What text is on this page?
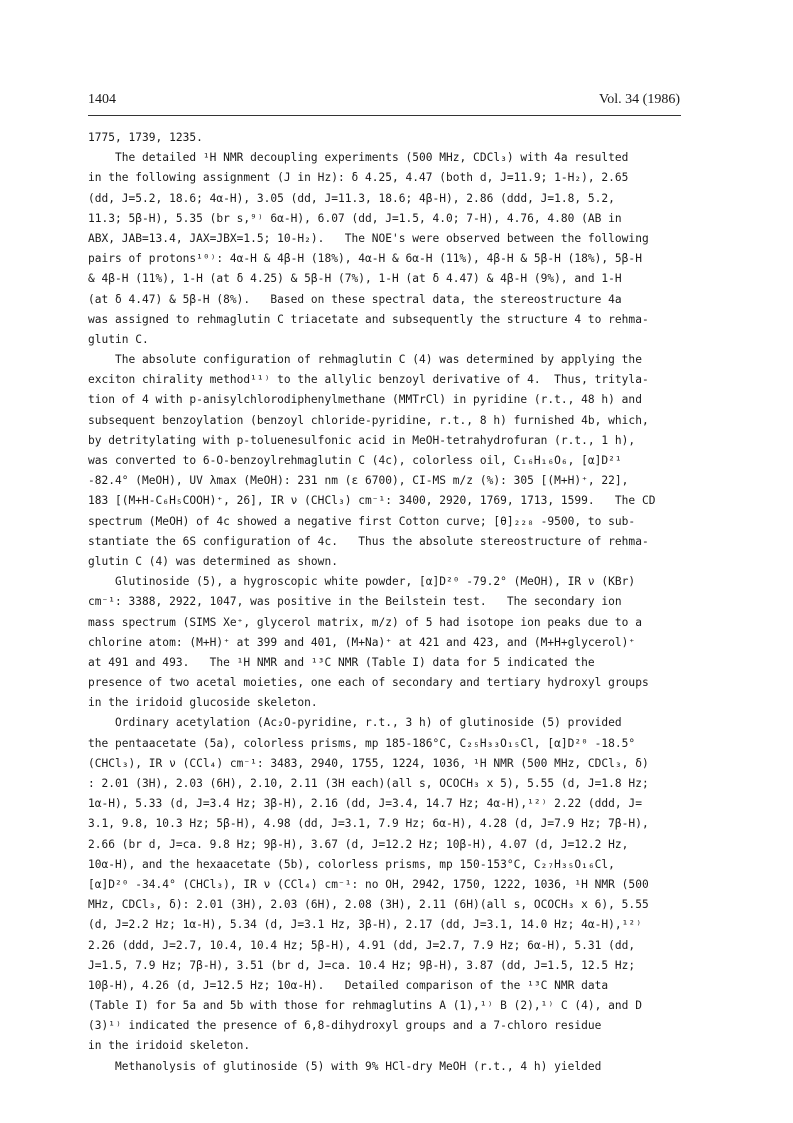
1404	Vol. 34 (1986)
1775, 1739, 1235.
The detailed ¹H NMR decoupling experiments (500 MHz, CDCl₃) with 4a resulted
in the following assignment (J in Hz): δ 4.25, 4.47 (both d, J=11.9; 1-H₂), 2.65
(dd, J=5.2, 18.6; 4α-H), 3.05 (dd, J=11.3, 18.6; 4β-H), 2.86 (ddd, J=1.8, 5.2,
11.3; 5β-H), 5.35 (br s,⁹⁾ 6α-H), 6.07 (dd, J=1.5, 4.0; 7-H), 4.76, 4.80 (AB in
ABX, JAB=13.4, JAX=JBX=1.5; 10-H₂).   The NOE's were observed between the following
pairs of protons¹⁰⁾: 4α-H & 4β-H (18%), 4α-H & 6α-H (11%), 4β-H & 5β-H (18%), 5β-H
& 4β-H (11%), 1-H (at δ 4.25) & 5β-H (7%), 1-H (at δ 4.47) & 4β-H (9%), and 1-H
(at δ 4.47) & 5β-H (8%).   Based on these spectral data, the stereostructure 4a
was assigned to rehmaglutin C triacetate and subsequently the structure 4 to rehma-
glutin C.
The absolute configuration of rehmaglutin C (4) was determined by applying the
exciton chirality method¹¹⁾ to the allylic benzoyl derivative of 4.  Thus, trityla-
tion of 4 with p-anisylchlorodiphenylmethane (MMTrCl) in pyridine (r.t., 48 h) and
subsequent benzoylation (benzoyl chloride-pyridine, r.t., 8 h) furnished 4b, which,
by detritylating with p-toluenesulfonic acid in MeOH-tetrahydrofuran (r.t., 1 h),
was converted to 6-O-benzoylrehmaglutin C (4c), colorless oil, C₁₆H₁₆O₆, [α]D²¹
-82.4° (MeOH), UV λmax (MeOH): 231 nm (ε 6700), CI-MS m/z (%): 305 [(M+H)⁺, 22],
183 [(M+H-C₆H₅COOH)⁺, 26], IR ν (CHCl₃) cm⁻¹: 3400, 2920, 1769, 1713, 1599.   The CD
spectrum (MeOH) of 4c showed a negative first Cotton curve; [θ]₂₂₈ -9500, to sub-
stantiate the 6S configuration of 4c.   Thus the absolute stereostructure of rehma-
glutin C (4) was determined as shown.
Glutinoside (5), a hygroscopic white powder, [α]D²⁰ -79.2° (MeOH), IR ν (KBr)
cm⁻¹: 3388, 2922, 1047, was positive in the Beilstein test.   The secondary ion
mass spectrum (SIMS Xe⁺, glycerol matrix, m/z) of 5 had isotope ion peaks due to a
chlorine atom: (M+H)⁺ at 399 and 401, (M+Na)⁺ at 421 and 423, and (M+H+glycerol)⁺
at 491 and 493.   The ¹H NMR and ¹³C NMR (Table I) data for 5 indicated the
presence of two acetal moieties, one each of secondary and tertiary hydroxyl groups
in the iridoid glucoside skeleton.
Ordinary acetylation (Ac₂O-pyridine, r.t., 3 h) of glutinoside (5) provided
the pentaacetate (5a), colorless prisms, mp 185-186°C, C₂₅H₃₃O₁₅Cl, [α]D²⁰ -18.5°
(CHCl₃), IR ν (CCl₄) cm⁻¹: 3483, 2940, 1755, 1224, 1036, ¹H NMR (500 MHz, CDCl₃, δ)
: 2.01 (3H), 2.03 (6H), 2.10, 2.11 (3H each)(all s, OCOCH₃ x 5), 5.55 (d, J=1.8 Hz;
1α-H), 5.33 (d, J=3.4 Hz; 3β-H), 2.16 (dd, J=3.4, 14.7 Hz; 4α-H),¹²⁾ 2.22 (ddd, J=
3.1, 9.8, 10.3 Hz; 5β-H), 4.98 (dd, J=3.1, 7.9 Hz; 6α-H), 4.28 (d, J=7.9 Hz; 7β-H),
2.66 (br d, J=ca. 9.8 Hz; 9β-H), 3.67 (d, J=12.2 Hz; 10β-H), 4.07 (d, J=12.2 Hz,
10α-H), and the hexaacetate (5b), colorless prisms, mp 150-153°C, C₂₇H₃₅O₁₆Cl,
[α]D²⁰ -34.4° (CHCl₃), IR ν (CCl₄) cm⁻¹: no OH, 2942, 1750, 1222, 1036, ¹H NMR (500
MHz, CDCl₃, δ): 2.01 (3H), 2.03 (6H), 2.08 (3H), 2.11 (6H)(all s, OCOCH₃ x 6), 5.55
(d, J=2.2 Hz; 1α-H), 5.34 (d, J=3.1 Hz, 3β-H), 2.17 (dd, J=3.1, 14.0 Hz; 4α-H),¹²⁾
2.26 (ddd, J=2.7, 10.4, 10.4 Hz; 5β-H), 4.91 (dd, J=2.7, 7.9 Hz; 6α-H), 5.31 (dd,
J=1.5, 7.9 Hz; 7β-H), 3.51 (br d, J=ca. 10.4 Hz; 9β-H), 3.87 (dd, J=1.5, 12.5 Hz;
10β-H), 4.26 (d, J=12.5 Hz; 10α-H).   Detailed comparison of the ¹³C NMR data
(Table I) for 5a and 5b with those for rehmaglutins A (1),¹⁾ B (2),¹⁾ C (4), and D
(3)¹⁾ indicated the presence of 6,8-dihydroxyl groups and a 7-chloro residue
in the iridoid skeleton.
Methanolysis of glutinoside (5) with 9% HCl-dry MeOH (r.t., 4 h) yielded
